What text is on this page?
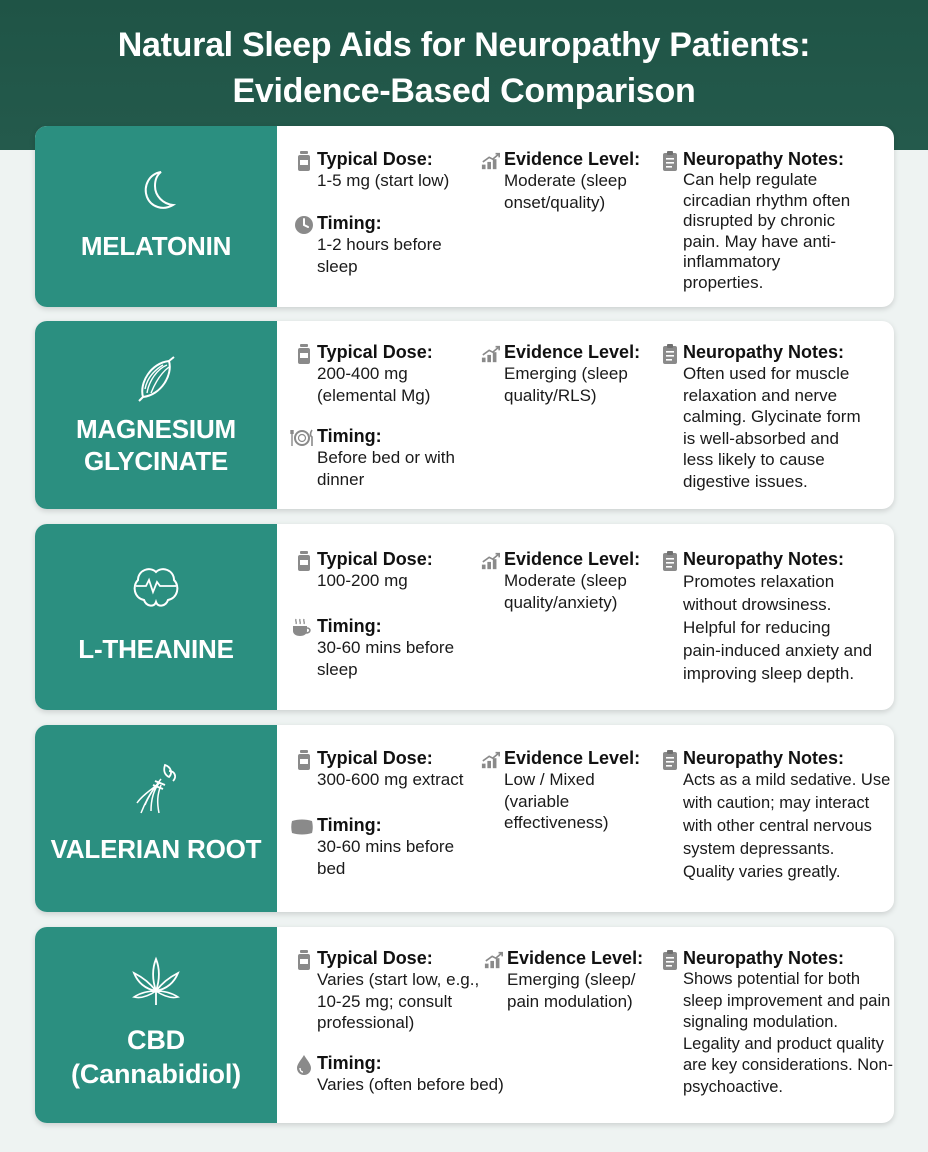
Natural Sleep Aids for Neuropathy Patients:
Evidence-Based Comparison
MELATONIN
Typical Dose:
1-5 mg (start low)
Timing:
1-2 hours before
sleep
Evidence Level:
Moderate (sleep
onset/quality)
Neuropathy Notes:
Can help regulate
circadian rhythm often
disrupted by chronic
pain. May have anti-
inflammatory
properties.
MAGNESIUM
GLYCINATE
Typical Dose:
200-400 mg
(elemental Mg)
Timing:
Before bed or with
dinner
Evidence Level:
Emerging (sleep
quality/RLS)
Neuropathy Notes:
Often used for muscle
relaxation and nerve
calming. Glycinate form
is well-absorbed and
less likely to cause
digestive issues.
L-THEANINE
Typical Dose:
100-200 mg
Timing:
30-60 mins before
sleep
Evidence Level:
Moderate (sleep
quality/anxiety)
Neuropathy Notes:
Promotes relaxation
without drowsiness.
Helpful for reducing
pain-induced anxiety and
improving sleep depth.
VALERIAN ROOT
Typical Dose:
300-600 mg extract
Timing:
30-60 mins before
bed
Evidence Level:
Low / Mixed
(variable
effectiveness)
Neuropathy Notes:
Acts as a mild sedative. Use
with caution; may interact
with other central nervous
system depressants.
Quality varies greatly.
CBD
(Cannabidiol)
Typical Dose:
Varies (start low, e.g.,
10-25 mg; consult
professional)
Timing:
Varies (often before bed)
Evidence Level:
Emerging (sleep/
pain modulation)
Neuropathy Notes:
Shows potential for both
sleep improvement and pain
signaling modulation.
Legality and product quality
are key considerations. Non-
psychoactive.
